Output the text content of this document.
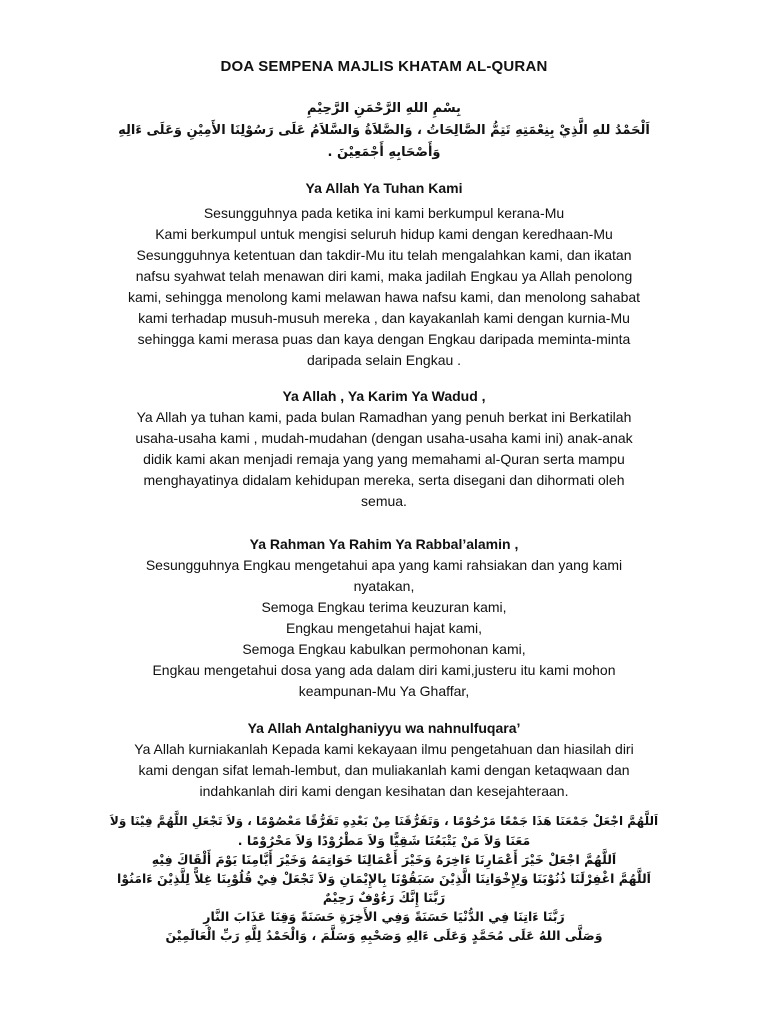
DOA SEMPENA MAJLIS KHATAM AL-QURAN
بِسْمِ اللهِ الرَّحْمَنِ الرَّحِيْمِ
اَلْحَمْدُ للهِ الَّذِيْ بِنِعْمَتِهِ تَتِمُّ الصَّالِحَاتُ ، وَالصَّلاَةُ وَالسَّلاَمُ عَلَى رَسُوْلِنَا الأَمِيْنِ وَعَلَى ءَالِهِ
وَأَصْحَابِهِ أَجْمَعِيْنَ .
Ya Allah Ya Tuhan Kami
Sesungguhnya pada ketika ini kami berkumpul kerana-Mu
Kami berkumpul untuk mengisi seluruh hidup kami dengan keredhaan-Mu
Sesungguhnya ketentuan dan takdir-Mu itu telah mengalahkan kami, dan ikatan
nafsu syahwat telah menawan diri kami, maka jadilah Engkau ya Allah penolong
kami, sehingga menolong kami melawan hawa nafsu kami, dan menolong sahabat
kami terhadap musuh-musuh mereka , dan kayakanlah kami dengan kurnia-Mu
sehingga kami merasa puas dan kaya dengan Engkau daripada meminta-minta
daripada selain Engkau .
Ya Allah , Ya Karim Ya Wadud ,
Ya Allah ya tuhan kami, pada bulan Ramadhan yang penuh berkat ini Berkatilah
usaha-usaha kami , mudah-mudahan (dengan usaha-usaha kami ini) anak-anak
didik kami akan menjadi remaja yang yang memahami al-Quran serta mampu
menghayatinya didalam kehidupan mereka, serta disegani dan dihormati oleh
semua.
Ya Rahman Ya Rahim Ya Rabbal’alamin ,
Sesungguhnya Engkau mengetahui apa yang kami rahsiakan dan yang kami
nyatakan,
Semoga Engkau terima keuzuran kami,
Engkau mengetahui hajat kami,
Semoga Engkau kabulkan permohonan kami,
Engkau mengetahui dosa yang ada dalam diri kami,justeru itu kami mohon
keampunan-Mu Ya Ghaffar,
Ya Allah Antalghaniyyu wa nahnulfuqara’
Ya Allah kurniakanlah Kepada kami kekayaan ilmu pengetahuan dan hiasilah diri
kami dengan sifat lemah-lembut, dan muliakanlah kami dengan ketaqwaan dan
indahkanlah diri kami dengan kesihatan dan kesejahteraan.
اَللَّهُمَّ اجْعَلْ جَمْعَنَا هَذَا جَمْعًا مَرْحُوْمًا ، وَتَفَرُّقَنَا مِنْ بَعْدِهِ تَفَرُّقًا مَعْصُوْمًا ، وَلاَ تَجْعَلِ اللَّهُمَّ فِيْنَا وَلاَ
مَعَنَا وَلاَ مَنْ يَتْبَعُنَا شَقِيًّا وَلاَ مَطْرُوْدًا وَلاَ مَحْرُوْمًا .
اَللَّهُمَّ اجْعَلْ خَيْرَ أَعْمَارِنَا ءَاخِرَهُ وَخَيْرَ أَعْمَالِنَا خَوَاتِمَهُ وَخَيْرَ أَيَّامِنَا يَوْمَ أَلْقَاكَ فِيْهِ
اَللَّهُمَّ اغْفِرْلَنَا ذُنُوْبَنَا وَلِإِخْوَانِنَا الَّذِيْنَ سَبَقُوْنَا بِالإِيْمَانِ وَلاَ تَجْعَلْ فِيْ قُلُوْبِنَا غِلاًّ لِلَّذِيْنَ ءَامَنُوْا
رَبَّنَا إِنَّكَ رَءُوْفٌ رَحِيْمٌ
رَبَّنَا ءَاتِنَا فِي الدُّنْيَا حَسَنَةً وَفِي الأَخِرَةِ حَسَنَةً وَقِنَا عَذَابَ النَّارِ
وَصَلَّى اللهُ عَلَى مُحَمَّدٍ وَعَلَى ءَالِهِ وَصَحْبِهِ وَسَلَّمَ ، وَالْحَمْدُ لِلَّهِ رَبِّ الْعَالَمِيْنَ
